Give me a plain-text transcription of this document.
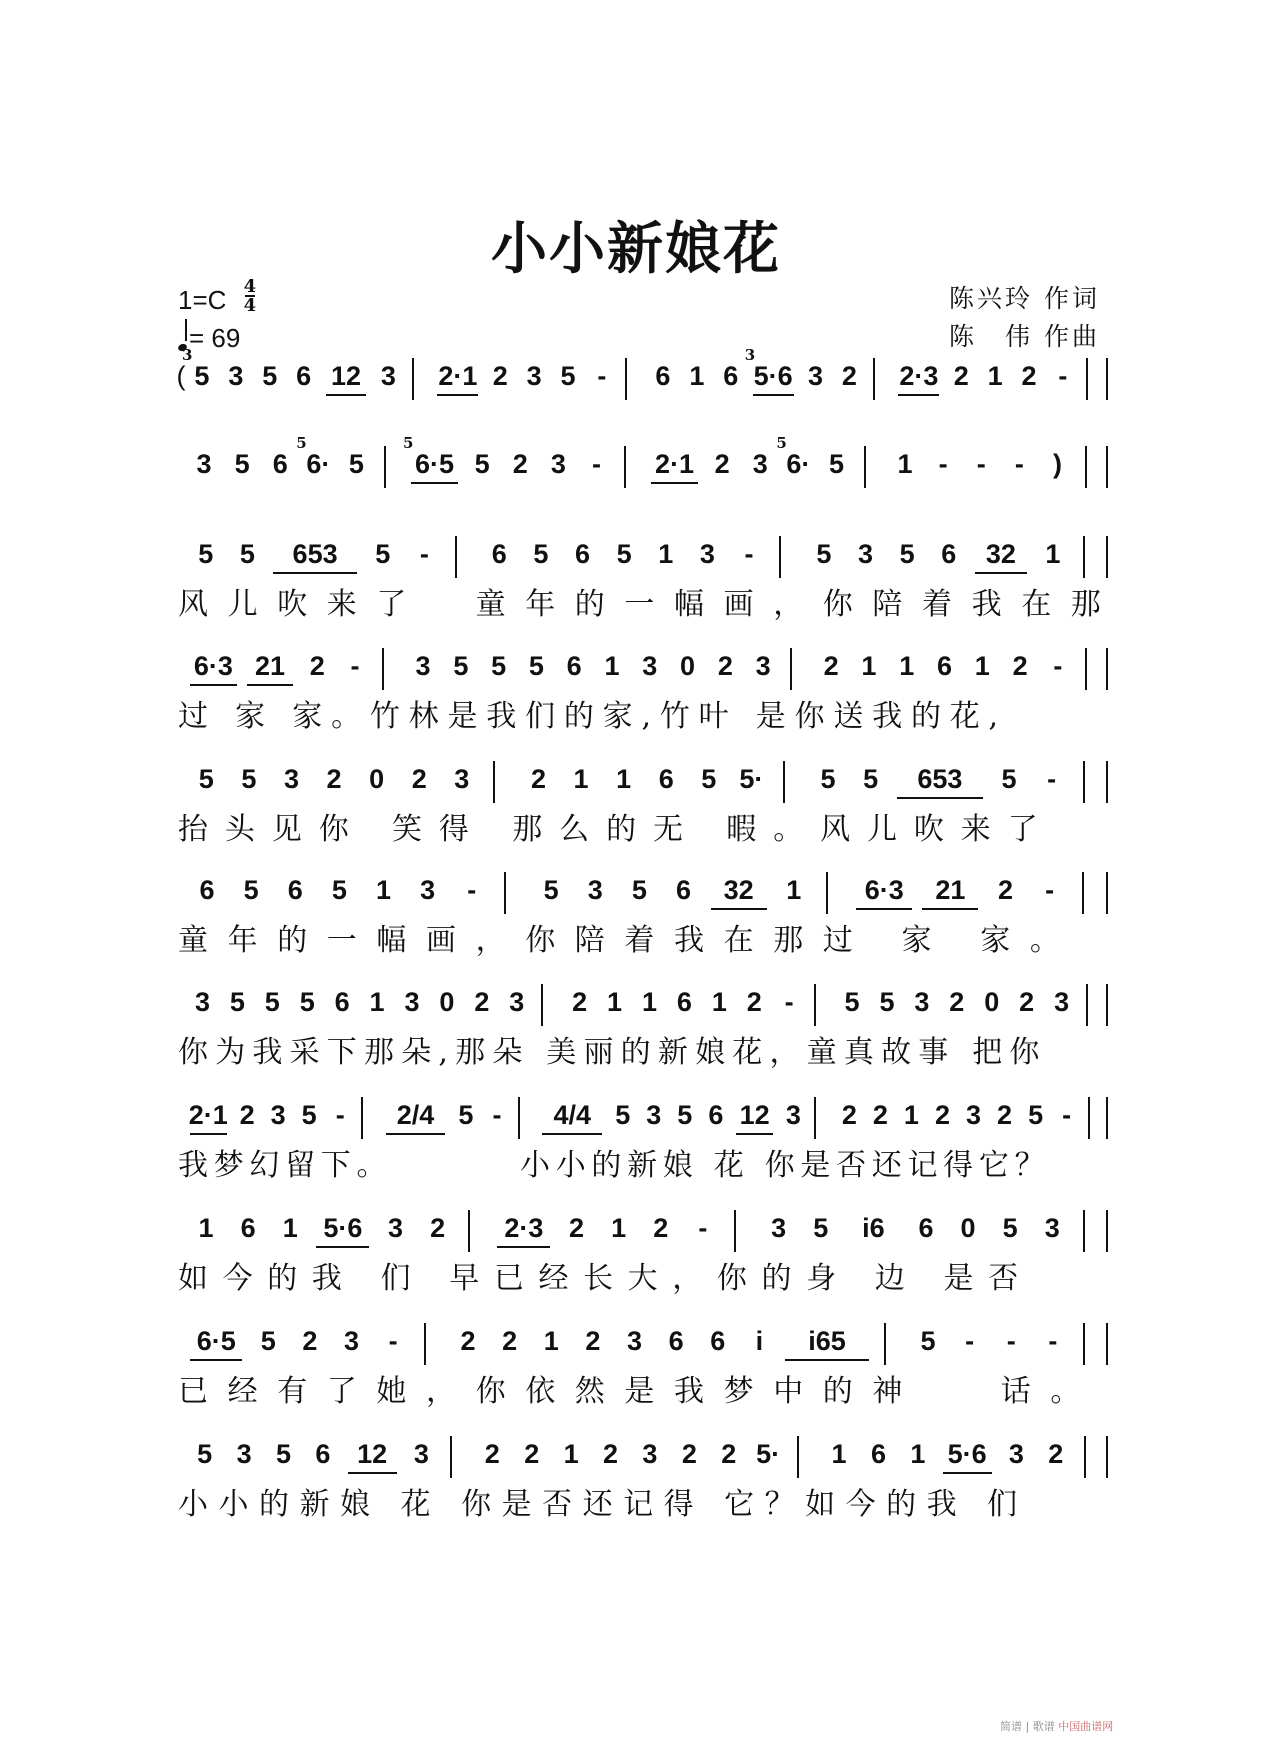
小小新娘花
$1=C \frac{4}{4}$
= 69
陈兴玲 作词
陈　伟 作曲
(
3
5 3 5 6 12 3 2·1 2 3 5 -	6 1 6
3
5·6 3 2 2·3 2 1 2 -
3 5 6
5
6· 5
5
6·5 5 2 3 -	2·1 2 3
5
6· 5	1 -	-	-	)
5 5	653	5	-	6 5 6 5 1 3	-	5 3 5 6	32	1
风儿吹来了　童年的一幅画，你陪着我在那
6·3 21 2 -	3 5 5 5 6 1 3 0 2 3	2 1 1 6 1 2 -
过 家 家。竹林是我们的家,竹叶 是你送我的花,
5	5	3	2	0	2	3	2	1	1	6	5 5·	5	5	653	5	-
抬头见你 笑得 那么的无 暇。风儿吹来了
6	5	6	5	1	3	-	5	3	5	6	32	1	6·3	21	2	-
童年的一幅画，你陪着我在那过 家 家。
3 5 5 5 6 1 3 0 2 3 2 1 1 6 1 2 -	5 5 3 2 0 2 3
你为我采下那朵,那朵 美丽的新娘花，童真故事 把你
2·1 2 3 5 -	2/4 5 -	4/4 5 3 5 6 12 3 2 2 1 2 3 2 5 -
我梦幻留下。　　　　小小的新娘 花 你是否还记得它？
1	6	1 5·6 3	2	2·3 2	1	2	-	3	5	i6	6	0	5	3
如今的我 们 早已经长大，你的身 边 是否
6·5 5 2 3	-	2 2 1 2 3 6 6	i	i65	5	-	-	-
已经有了她，你依然是我梦中的神　 话。
5 3 5 6 12 3	2 2 1 2 3 2 2 5·	1 6 1 5·6 3 2
小小的新娘 花 你是否还记得 它？如今的我 们
简谱 | 歌谱 中国曲谱网
